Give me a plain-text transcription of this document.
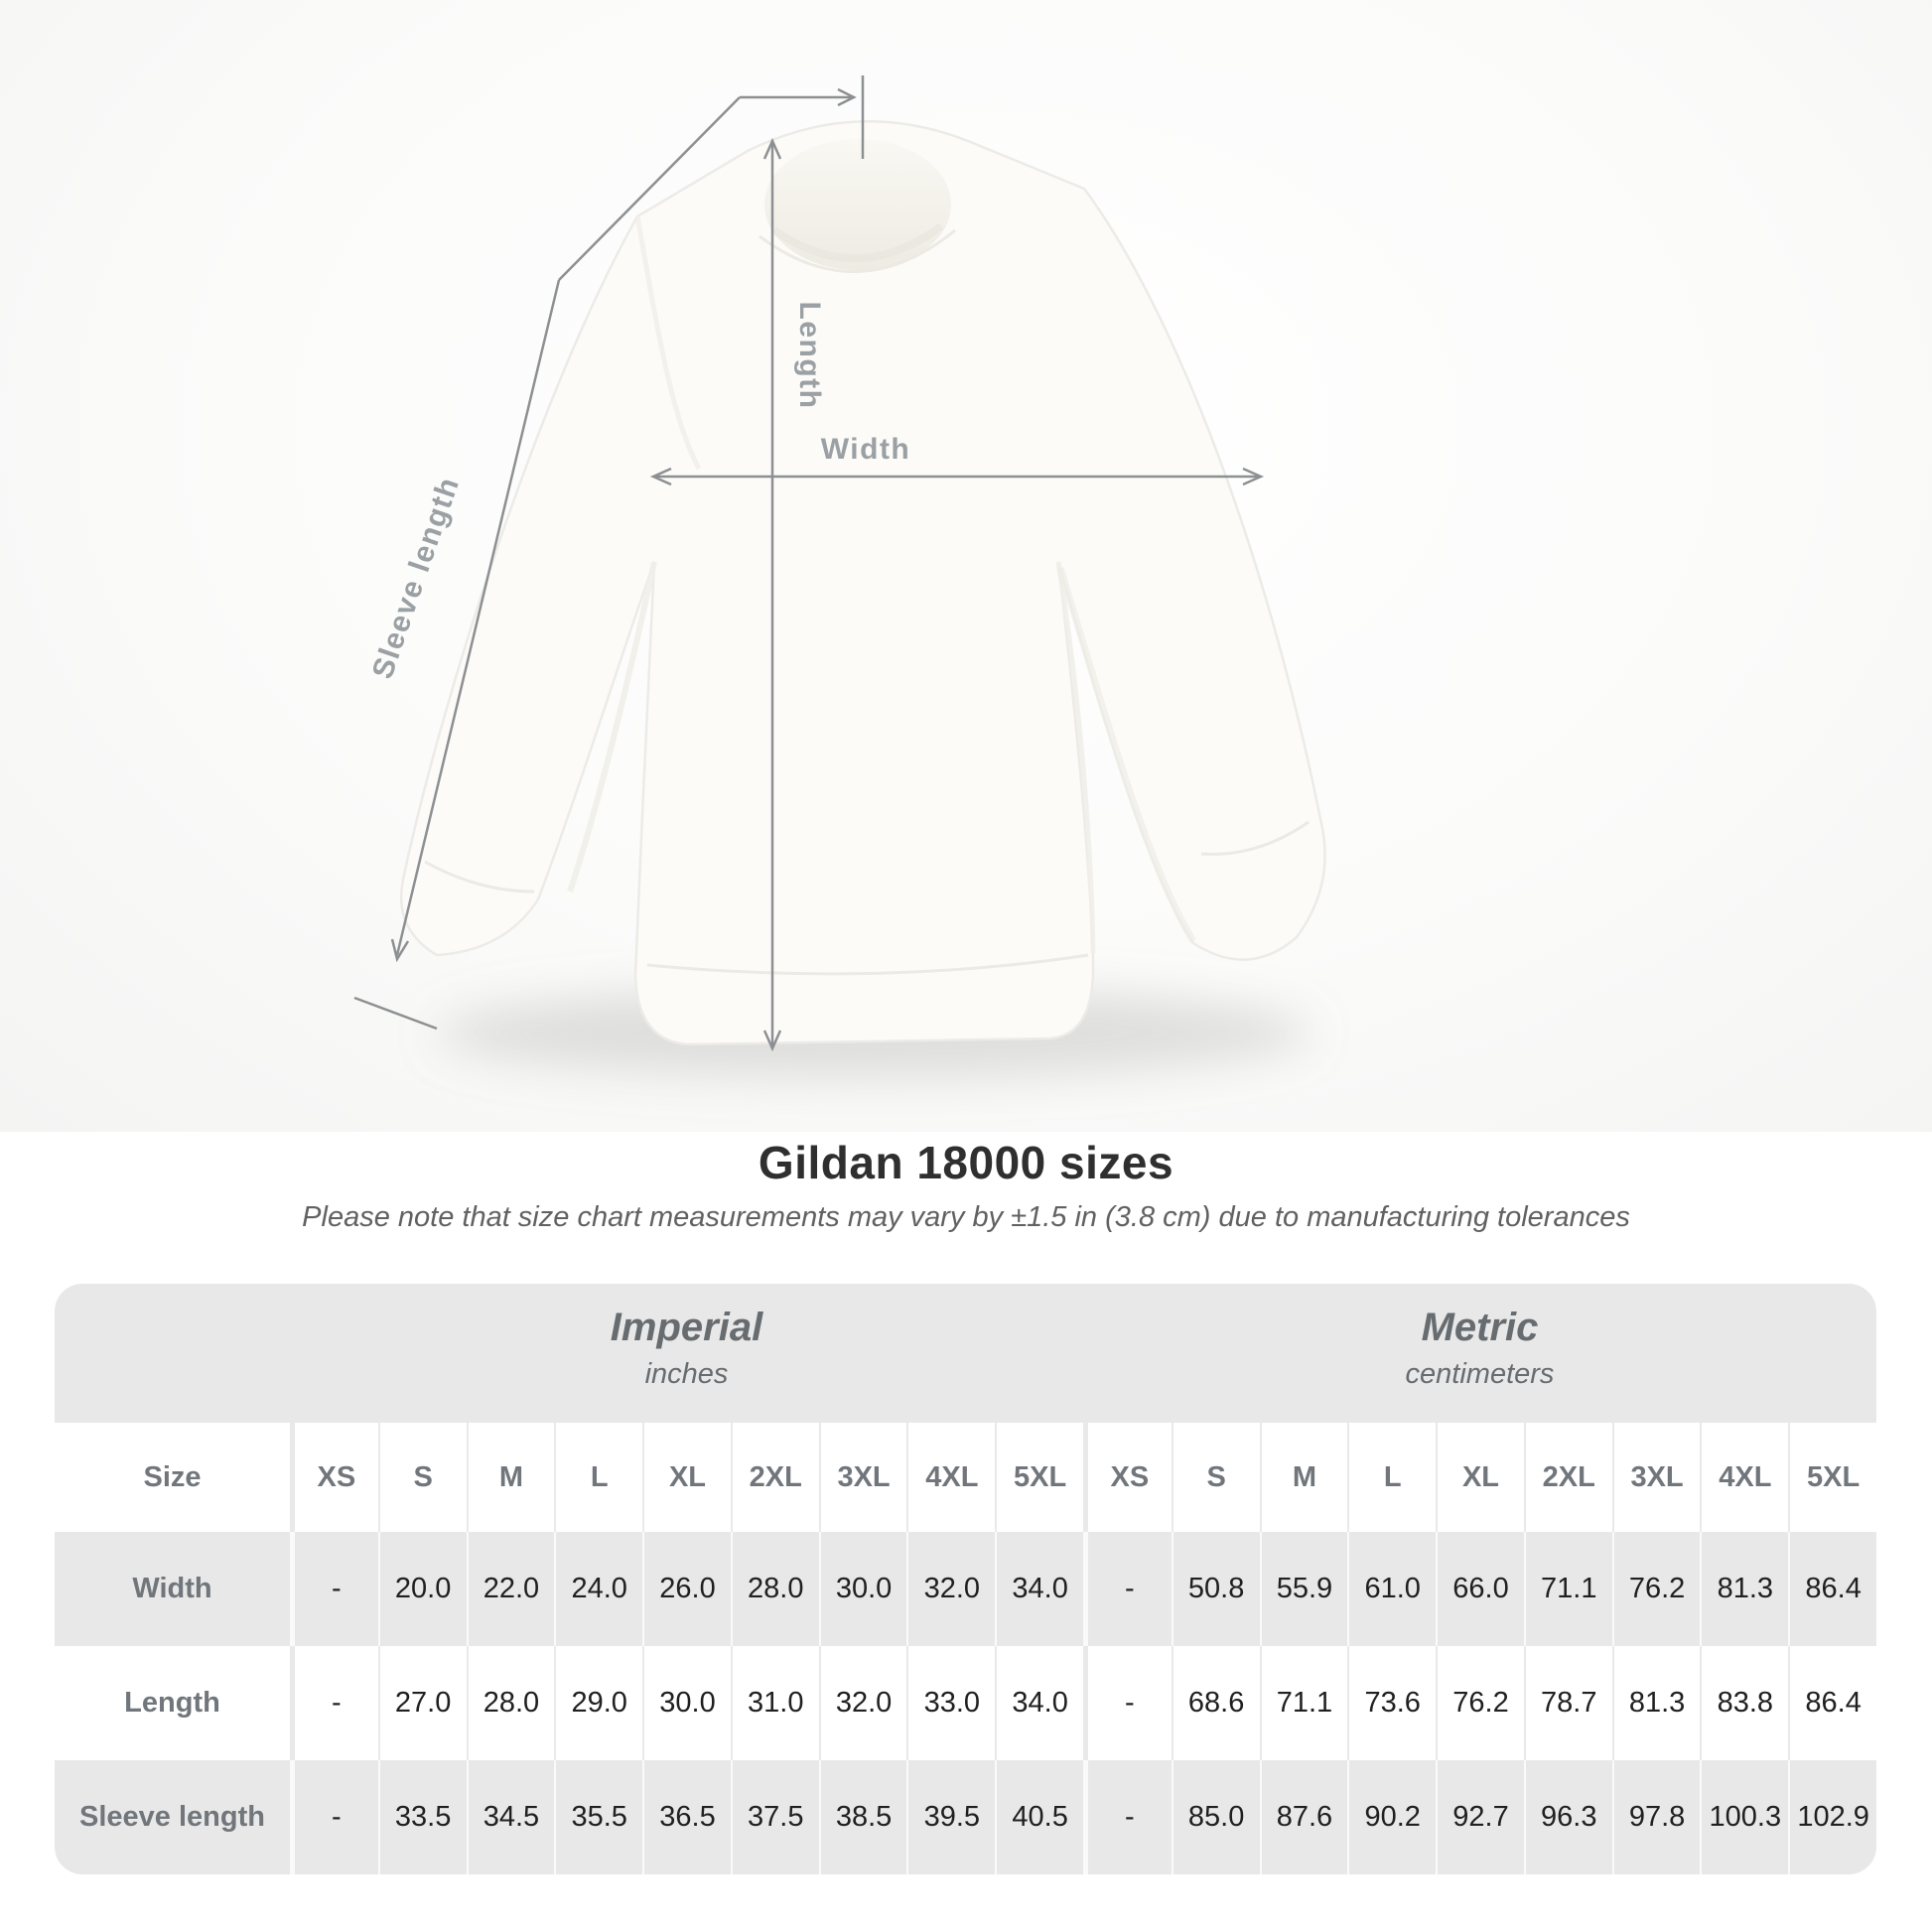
Length
Width
Sleeve length
Gildan 18000 sizes

Please note that size chart measurements may vary by ±1.5 in (3.8 cm) due to manufacturing tolerances

Imperial
inches
Metric
centimeters
Size	XS	S	M	L	XL	2XL	3XL	4XL	5XL	XS	S	M	L	XL	2XL	3XL	4XL	5XL
Width	-	20.0	22.0	24.0	26.0	28.0	30.0	32.0	34.0	-	50.8	55.9	61.0	66.0	71.1	76.2	81.3	86.4
Length	-	27.0	28.0	29.0	30.0	31.0	32.0	33.0	34.0	-	68.6	71.1	73.6	76.2	78.7	81.3	83.8	86.4
Sleeve length	-	33.5	34.5	35.5	36.5	37.5	38.5	39.5	40.5	-	85.0	87.6	90.2	92.7	96.3	97.8 100.3 102.9
